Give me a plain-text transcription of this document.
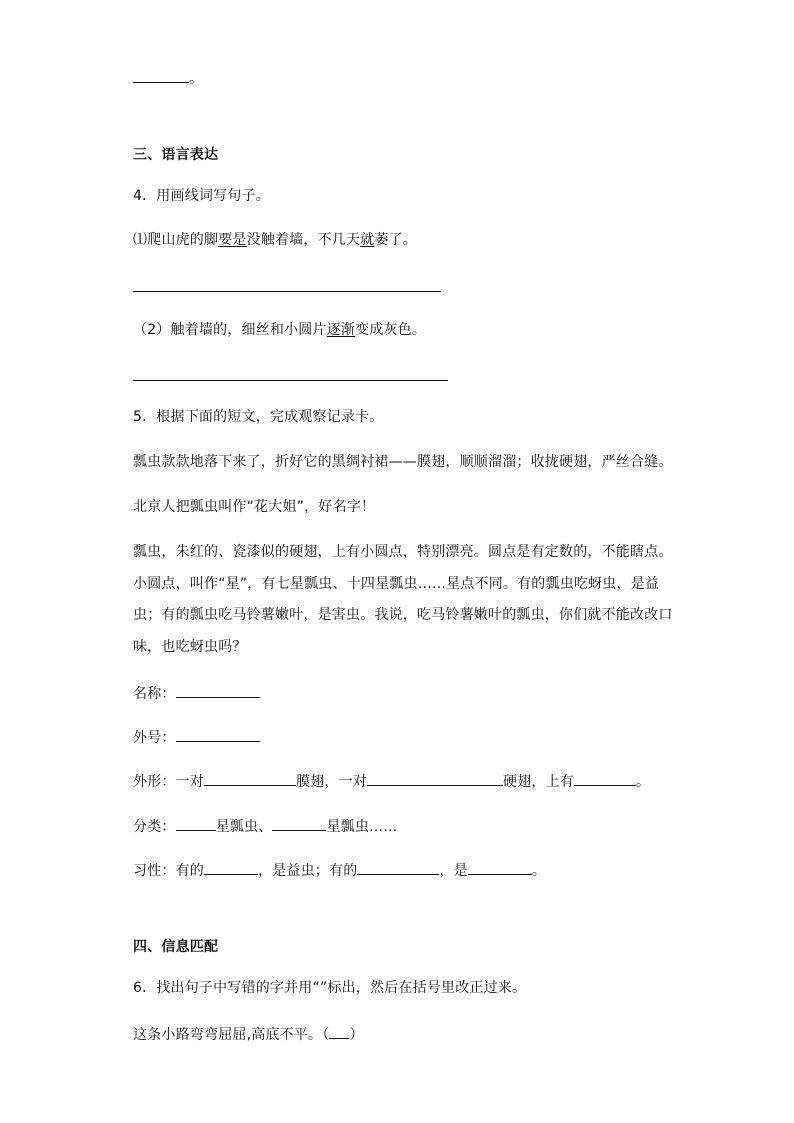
。
三、语言表达
4．用画线词写句子。
⑴爬山虎的脚要是没触着墙，不几天就萎了。
（2）触着墙的，细丝和小圆片逐渐变成灰色。
5．根据下面的短文，完成观察记录卡。
瓢虫款款地落下来了，折好它的黑绸衬裙——膜翅，顺顺溜溜；收拢硬翅，严丝合缝。
北京人把瓢虫叫作“花大姐”，好名字！
瓢虫，朱红的、瓷漆似的硬翅，上有小圆点，特别漂亮。圆点是有定数的，不能瞎点。
小圆点，叫作“星”，有七星瓢虫、十四星瓢虫……星点不同。有的瓢虫吃蚜虫，是益
虫；有的瓢虫吃马铃薯嫩叶，是害虫。我说，吃马铃薯嫩叶的瓢虫，你们就不能改改口
味，也吃蚜虫吗？
名称：
外号：
外形：一对	膜翅，一对	硬翅，上有	。
分类：	星瓢虫、	星瓢虫……
习性：有的	，是益虫；有的	，是	。
四、信息匹配
6．找出句子中写错的字并用“”标出，然后在括号里改正过来。
这条小路弯弯屈屈,高底不平。（ ）
